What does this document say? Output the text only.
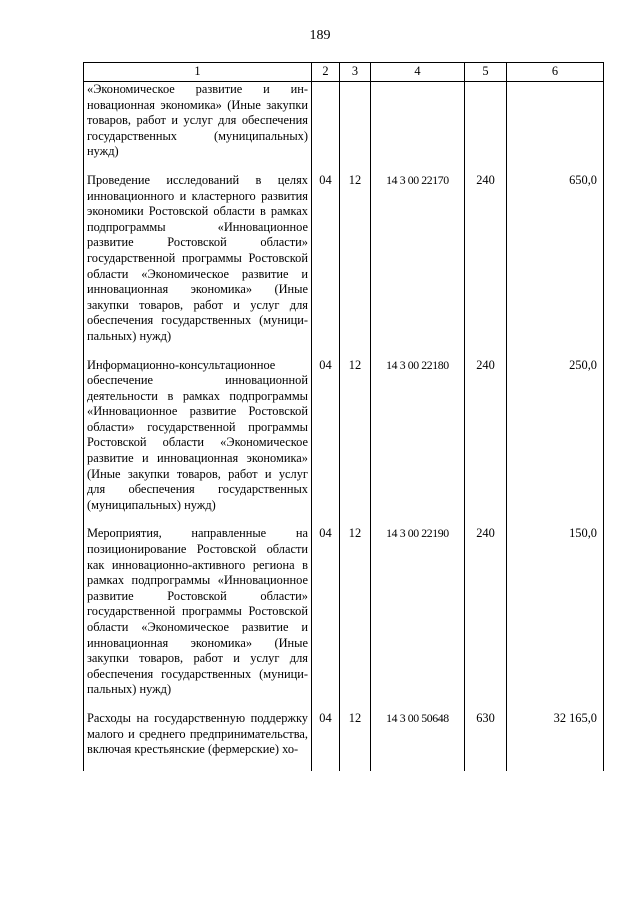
189
1	2	3	4	5	6
«Экономическое развитие и инновационная экономика» (Иные закупки товаров, работ и услуг для обеспечения государственных (муниципальных) нужд)					
Проведение исследований в целях инновационного и кластерного развития экономики Ростовской области в рамках подпрограммы «Инновационное развитие Ростовской области» государственной программы Ростовской области «Экономическое развитие и инновационная экономика» (Иные закупки товаров, работ и услуг для обеспечения государственных (муниципальных) нужд)	04	12	14 3 00 22170	240	650,0
Информационно-консультационное обеспечение инновационной деятельности в рамках подпрограммы «Инновационное развитие Ростовской области» государственной программы Ростовской области «Экономическое развитие и инновационная экономика» (Иные закупки товаров, работ и услуг для обеспечения государственных (муниципальных) нужд)	04	12	14 3 00 22180	240	250,0
Мероприятия, направленные на позиционирование Ростовской области как инновационно-активного региона в рамках подпрограммы «Инновационное развитие Ростовской области» государственной программы Ростовской области «Экономическое развитие и инновационная экономика» (Иные закупки товаров, работ и услуг для обеспечения государственных (муниципальных) нужд)	04	12	14 3 00 22190	240	150,0
Расходы на государственную поддержку малого и среднего предпринимательства, включая крестьянские (фермерские) хо-	04	12	14 3 00 50648	630	32 165,0
